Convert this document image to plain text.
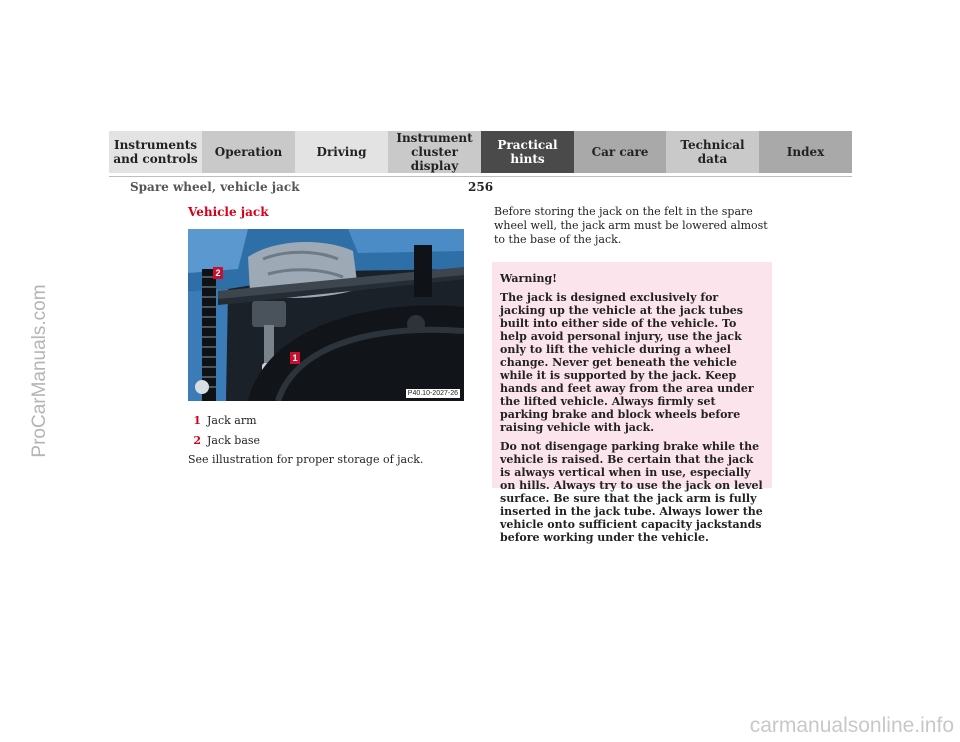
Instruments
and controls	Operation	Driving
Instrument
cluster display
Practical hints	Car care	Technical
data	Index
Spare wheel, vehicle jack	256
Vehicle jack
2
1
P40.10-2027-26
1 Jack arm
2 Jack base
See illustration for proper storage of jack.
Before storing the jack on the felt in the spare wheel well, the jack arm must be lowered almost to the base of the jack.

Warning!

The jack is designed exclusively for jacking up the vehicle at the jack tubes built into either side of the vehicle. To help avoid personal injury, use the jack only to lift the vehicle during a wheel change. Never get beneath the vehicle while it is supported by the jack. Keep hands and feet away from the area under the lifted vehicle. Always firmly set parking brake and block wheels before raising vehicle with jack.

Do not disengage parking brake while the vehicle is raised. Be certain that the jack is always vertical when in use, especially on hills. Always try to use the jack on level surface. Be sure that the jack arm is fully inserted in the jack tube. Always lower the vehicle onto sufficient capacity jackstands before working under the vehicle.

ProCarManuals.com
carmanualsonline.info
